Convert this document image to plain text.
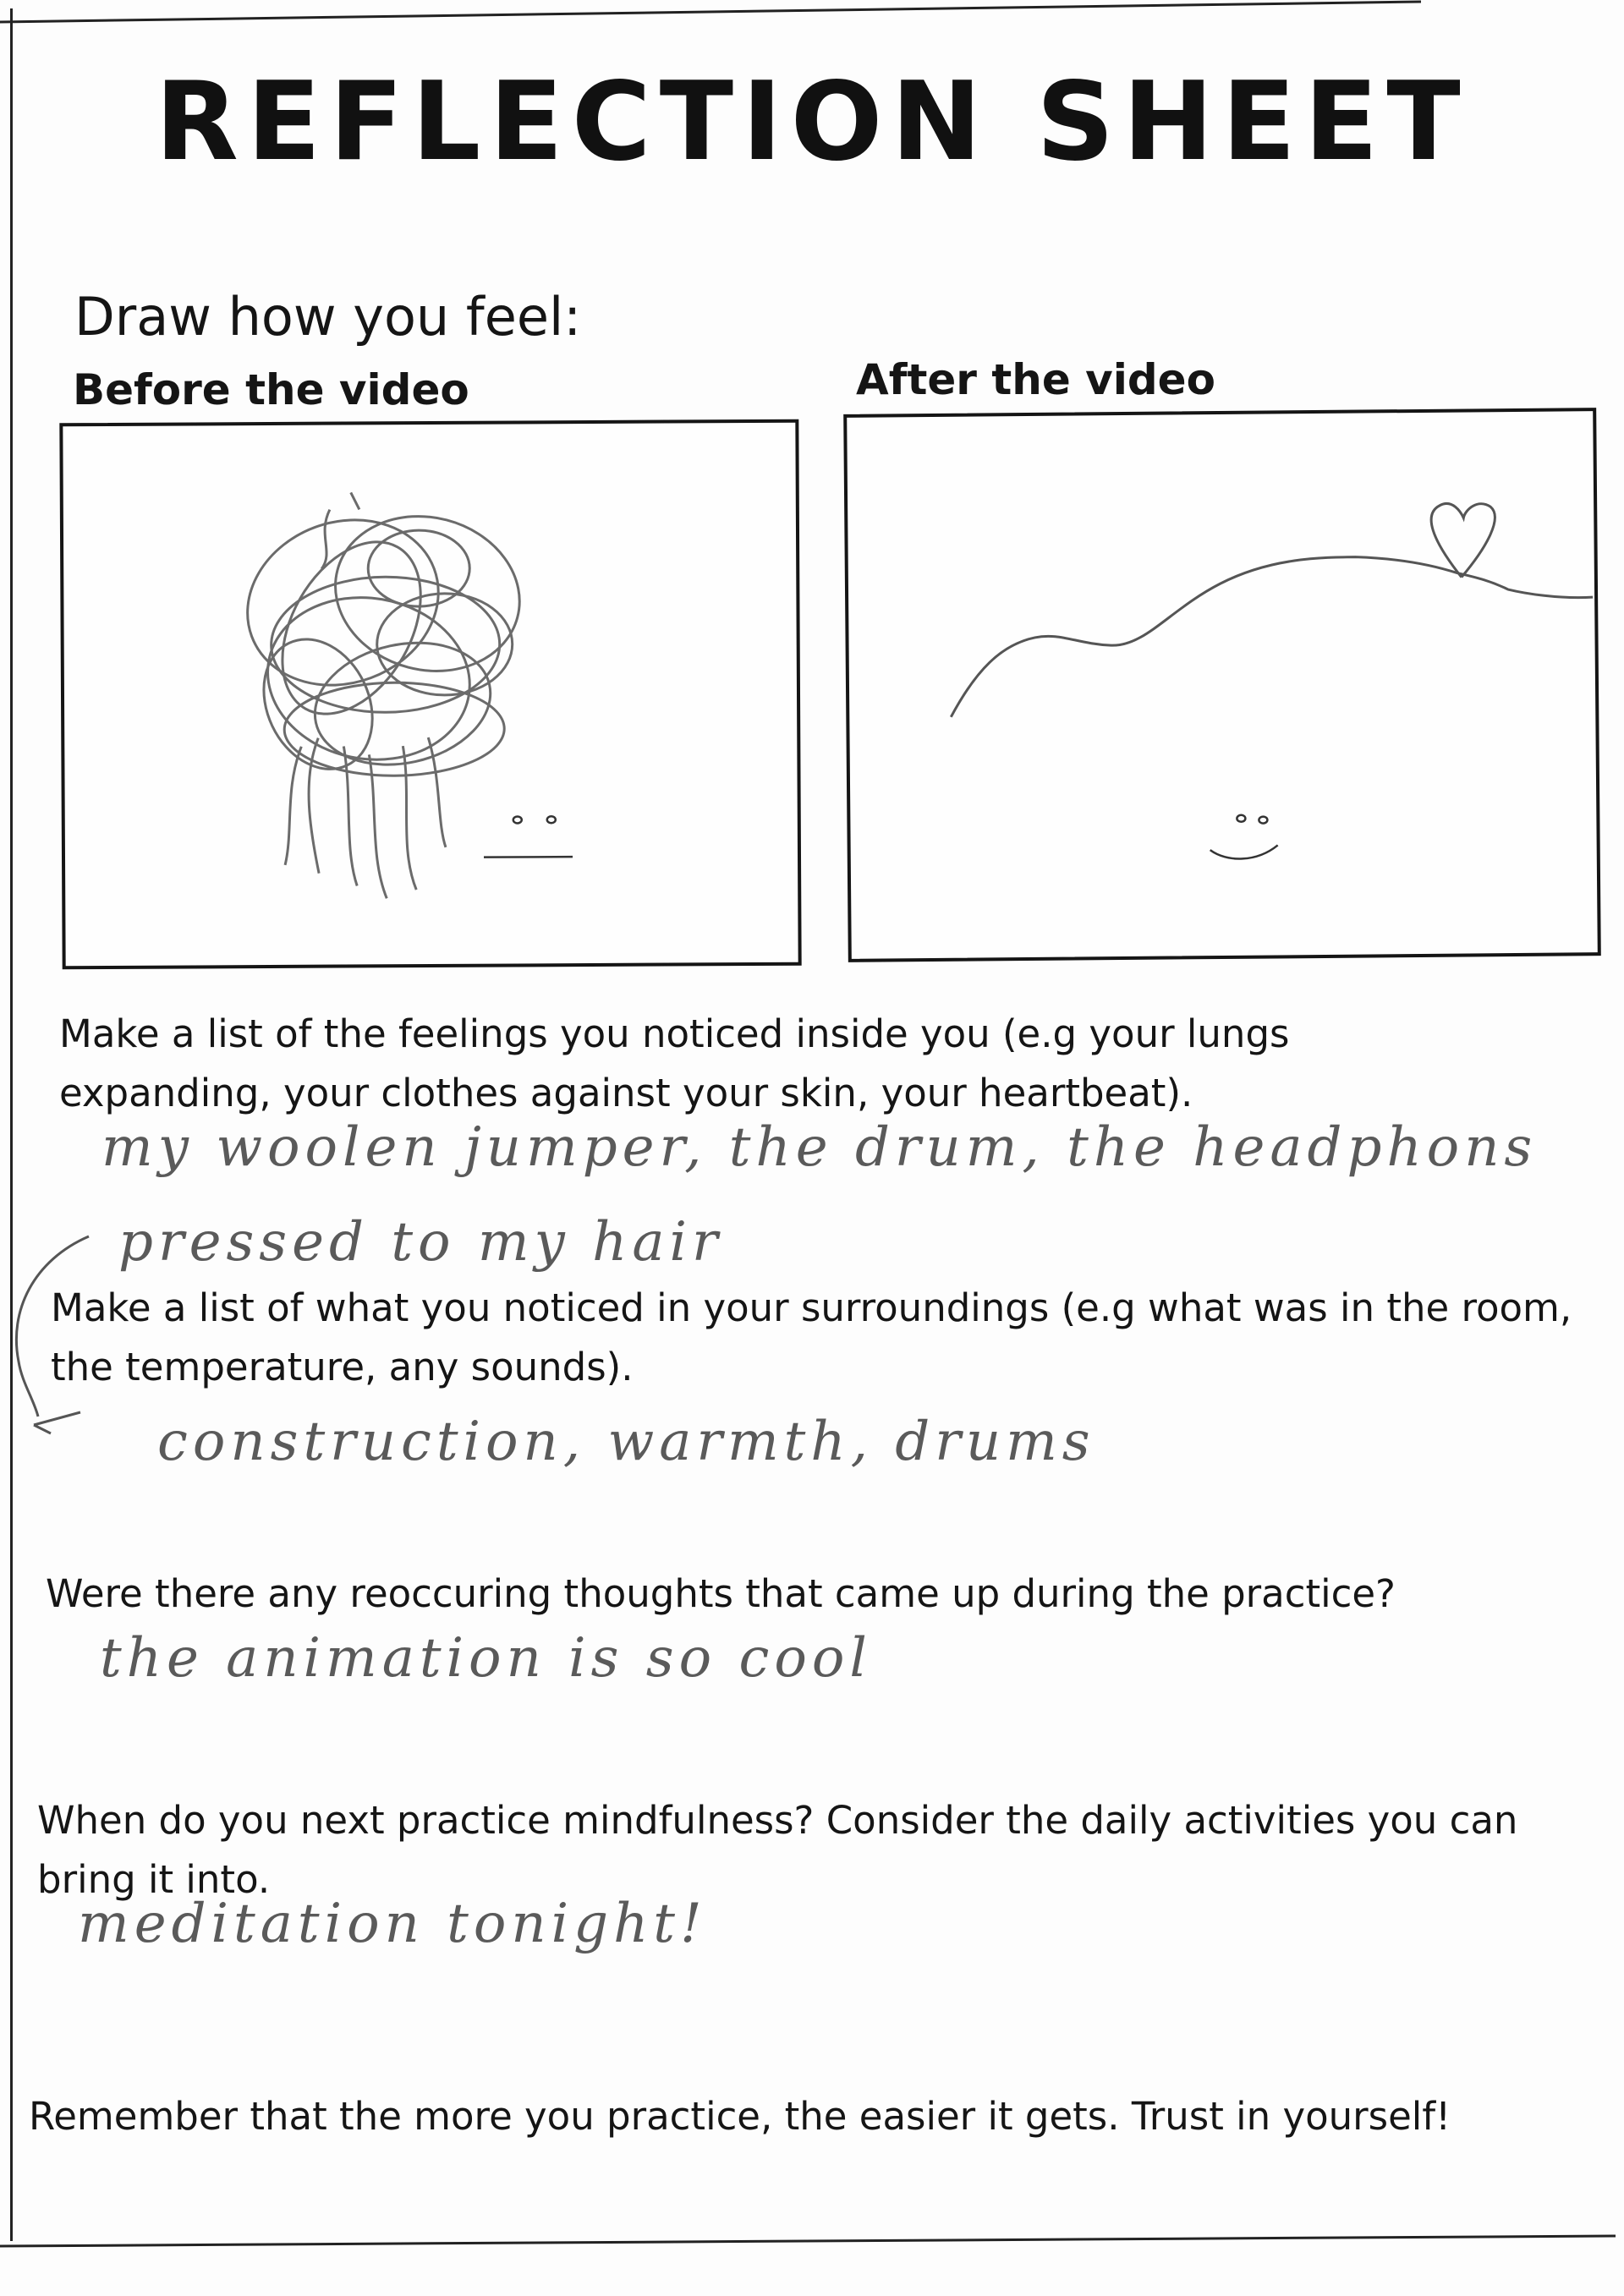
REFLECTION SHEET
Draw how you feel:
Before the video	After the video
Make a list of the feelings you noticed inside you (e.g your lungs expanding, your clothes against your skin, your heartbeat).
my woolen jumper, the drum, the headphons
pressed to my hair
Make a list of what you noticed in your surroundings (e.g what was in the room, the temperature, any sounds).
construction, warmth, drums
Were there any reoccuring thoughts that came up during the practice?
the animation is so cool
When do you next practice mindfulness? Consider the daily activities you can bring it into.
meditation tonight!
Remember that the more you practice, the easier it gets. Trust in yourself!
